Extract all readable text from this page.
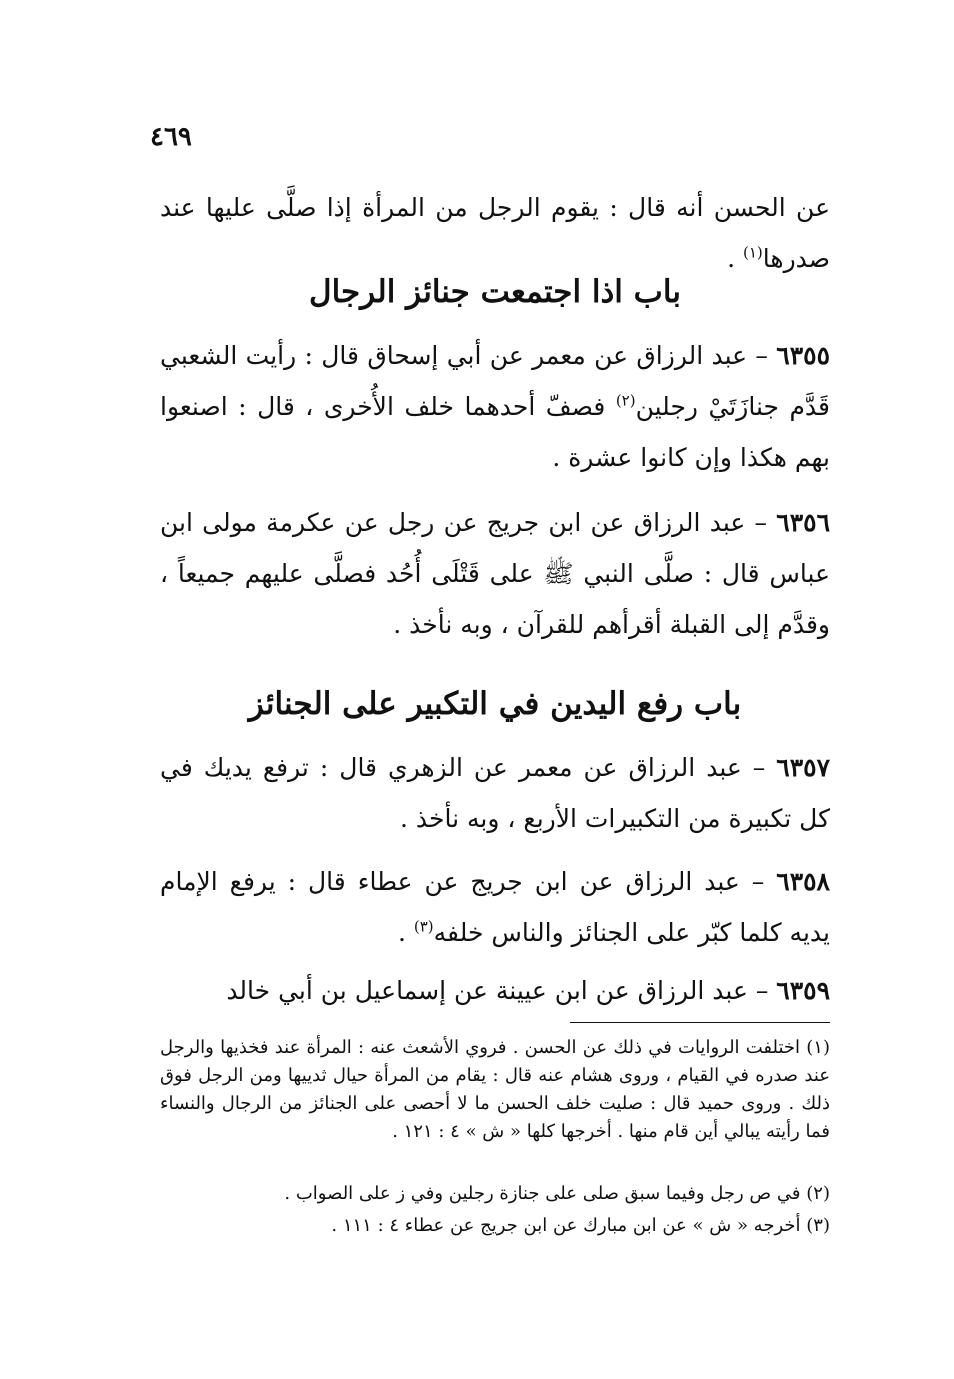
٤٦٩
عن الحسن أنه قال : يقوم الرجل من المرأة إذا صلَّى عليها عند صدرها$^{(١)}$ .
باب اذا اجتمعت جنائز الرجال
٦٣٥٥ – عبد الرزاق عن معمر عن أبي إسحاق قال : رأيت الشعبي قَدَّم جنازَتَيْ رجلين$^{(٢)}$ فصفّ أحدهما خلف الأُخرى ، قال : اصنعوا بهم هكذا وإن كانوا عشرة .
٦٣٥٦ – عبد الرزاق عن ابن جريج عن رجل عن عكرمة مولى ابن عباس قال : صلَّى النبي ﷺ على قَتْلَى أُحُد فصلَّى عليهم جميعاً ، وقدَّم إلى القبلة أقرأهم للقرآن ، وبه نأخذ .
باب رفع اليدين في التكبير على الجنائز
٦٣٥٧ – عبد الرزاق عن معمر عن الزهري قال : ترفع يديك في كل تكبيرة من التكبيرات الأربع ، وبه نأخذ .
٦٣٥٨ – عبد الرزاق عن ابن جريج عن عطاء قال : يرفع الإمام يديه كلما كبّر على الجنائز والناس خلفه$^{(٣)}$ .
٦٣٥٩ – عبد الرزاق عن ابن عيينة عن إسماعيل بن أبي خالد
(١) اختلفت الروايات في ذلك عن الحسن . فروي الأشعث عنه : المرأة عند فخذيها والرجل عند صدره في القيام ، وروى هشام عنه قال : يقام من المرأة حيال ثدييها ومن الرجل فوق ذلك . وروى حميد قال : صليت خلف الحسن ما لا أحصى على الجنائز من الرجال والنساء فما رأيته يبالي أين قام منها . أخرجها كلها « ش » ٤ : ١٢١ .
(٢) في ص رجل وفيما سبق صلى على جنازة رجلين وفي ز على الصواب .
(٣) أخرجه « ش » عن ابن مبارك عن ابن جريج عن عطاء ٤ : ١١١ .
